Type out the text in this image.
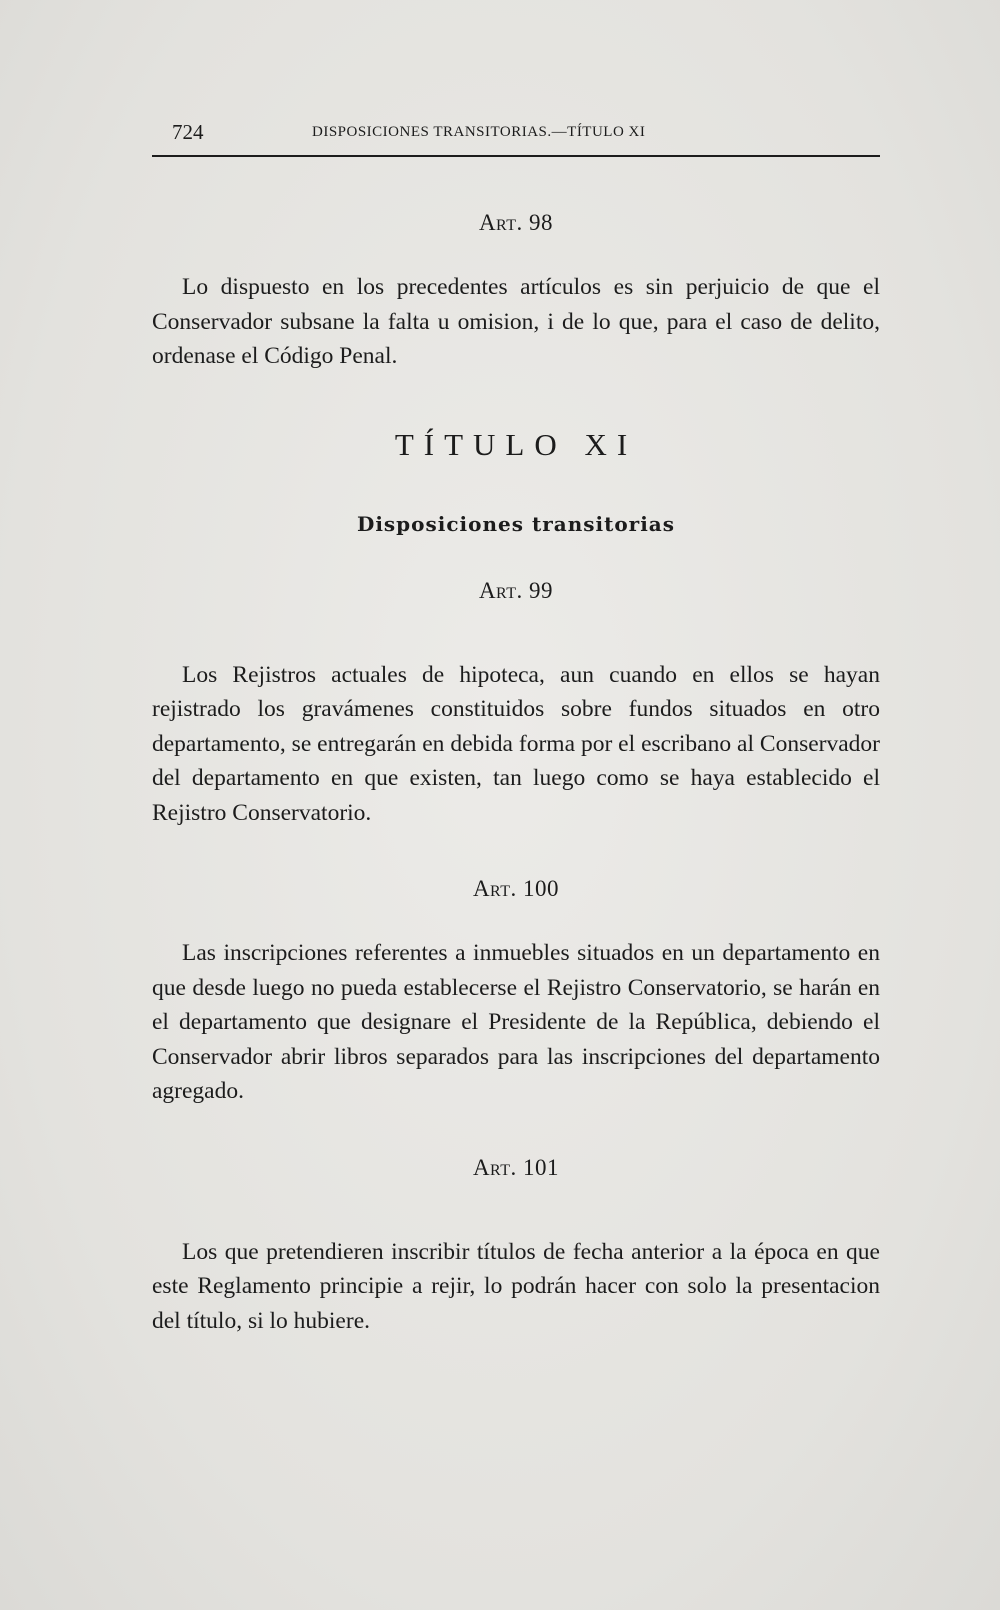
724	DISPOSICIONES TRANSITORIAS.—TÍTULO XI

Art. 98

Lo dispuesto en los precedentes artículos es sin perjuicio de que el Conservador subsane la falta u omision, i de lo que, para el caso de delito, ordenase el Código Penal.

TÍTULO XI

Disposiciones transitorias

Art. 99

Los Rejistros actuales de hipoteca, aun cuando en ellos se hayan rejistrado los gravámenes constituidos sobre fundos situados en otro departamento, se entregarán en debida forma por el escribano al Conservador del departamento en que existen, tan luego como se haya establecido el Rejistro Conservatorio.

Art. 100

Las inscripciones referentes a inmuebles situados en un departamento en que desde luego no pueda establecerse el Rejistro Conservatorio, se harán en el departamento que designare el Presidente de la República, debiendo el Conservador abrir libros separados para las inscripciones del departamento agregado.

Art. 101

Los que pretendieren inscribir títulos de fecha anterior a la época en que este Reglamento principie a rejir, lo podrán hacer con solo la presentacion del título, si lo hubiere.
